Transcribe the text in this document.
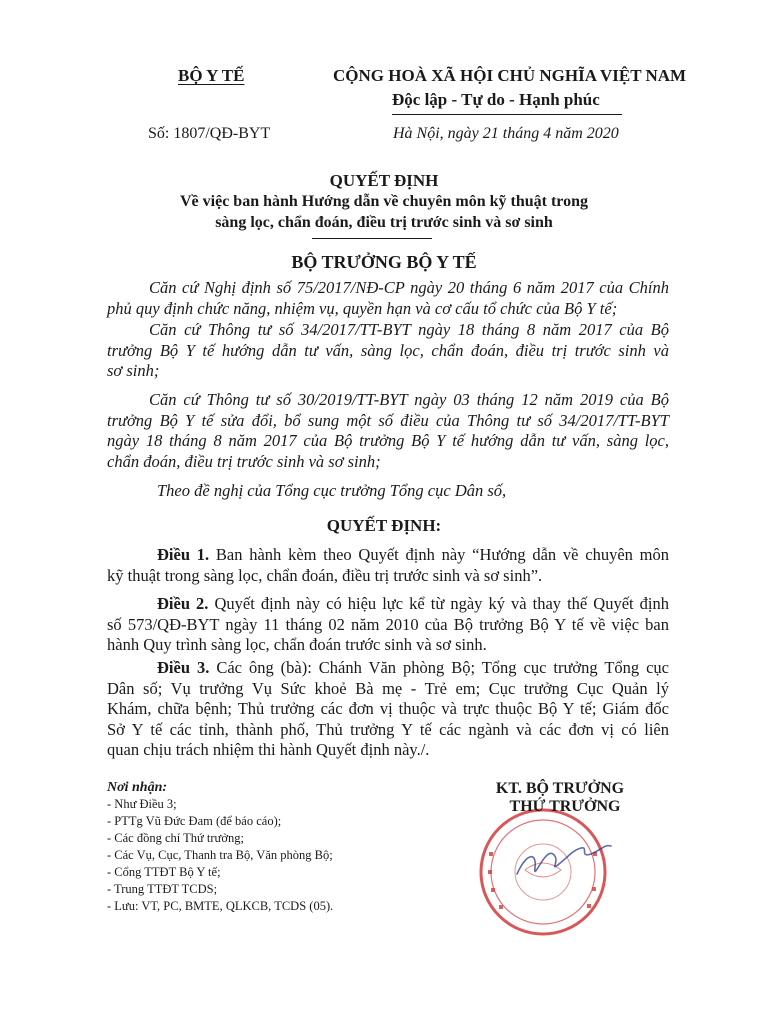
BỘ Y TẾ	CỘNG HOÀ XÃ HỘI CHỦ NGHĨA VIỆT NAM
Độc lập - Tự do - Hạnh phúc
Số: 1807/QĐ-BYT	Hà Nội, ngày 21 tháng 4 năm 2020
QUYẾT ĐỊNH
Về việc ban hành Hướng dẫn về chuyên môn kỹ thuật trong
sàng lọc, chẩn đoán, điều trị trước sinh và sơ sinh
BỘ TRƯỞNG BỘ Y TẾ
Căn cứ Nghị định số 75/2017/NĐ-CP ngày 20 tháng 6 năm 2017 của Chính
phủ quy định chức năng, nhiệm vụ, quyền hạn và cơ cấu tổ chức của Bộ Y tế;
Căn cứ Thông tư số 34/2017/TT-BYT ngày 18 tháng 8 năm 2017 của Bộ
trưởng Bộ Y tế hướng dẫn tư vấn, sàng lọc, chẩn đoán, điều trị trước sinh và
sơ sinh;
Căn cứ Thông tư số 30/2019/TT-BYT ngày 03 tháng 12 năm 2019 của Bộ
trưởng Bộ Y tế sửa đổi, bổ sung một số điều của Thông tư số 34/2017/TT-BYT
ngày 18 tháng 8 năm 2017 của Bộ trưởng Bộ Y tế hướng dẫn tư vấn, sàng lọc,
chẩn đoán, điều trị trước sinh và sơ sinh;
Theo đề nghị của Tổng cục trưởng Tổng cục Dân số,
QUYẾT ĐỊNH:
Điều 1. Ban hành kèm theo Quyết định này “Hướng dẫn về chuyên môn
kỹ thuật trong sàng lọc, chẩn đoán, điều trị trước sinh và sơ sinh”.
Điều 2. Quyết định này có hiệu lực kể từ ngày ký và thay thế Quyết định
số 573/QĐ-BYT ngày 11 tháng 02 năm 2010 của Bộ trưởng Bộ Y tế về việc ban
hành Quy trình sàng lọc, chẩn đoán trước sinh và sơ sinh.
Điều 3. Các ông (bà): Chánh Văn phòng Bộ; Tổng cục trưởng Tổng cục
Dân số; Vụ trưởng Vụ Sức khoẻ Bà mẹ - Trẻ em; Cục trưởng Cục Quản lý
Khám, chữa bệnh; Thủ trưởng các đơn vị thuộc và trực thuộc Bộ Y tế; Giám đốc
Sở Y tế các tỉnh, thành phố, Thủ trưởng Y tế các ngành và các đơn vị có liên
quan chịu trách nhiệm thi hành Quyết định này./.
Nơi nhận:
- Như Điều 3;
- PTTg Vũ Đức Đam (để báo cáo);
- Các đồng chí Thứ trưởng;
- Các Vụ, Cục, Thanh tra Bộ, Văn phòng Bộ;
- Cổng TTĐT Bộ Y tế;
- Trung TTĐT TCDS;
- Lưu: VT, PC, BMTE, QLKCB, TCDS (05).
KT. BỘ TRƯỞNG
THỨ TRƯỞNG
